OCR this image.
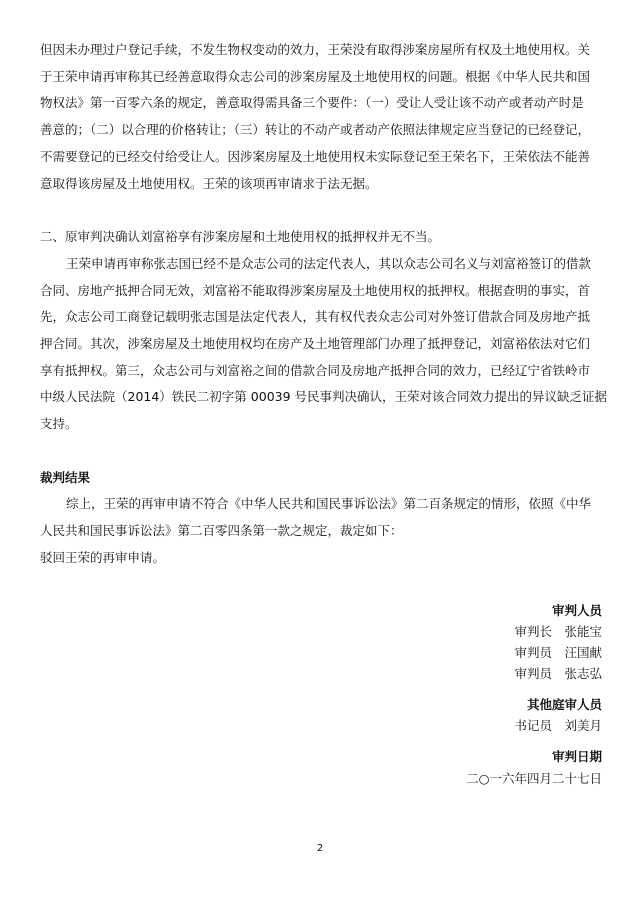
但因未办理过户登记手续，不发生物权变动的效力，王荣没有取得涉案房屋所有权及土地使用权。关
于王荣申请再审称其已经善意取得众志公司的涉案房屋及土地使用权的问题。根据《中华人民共和国
物权法》第一百零六条的规定，善意取得需具备三个要件：（一）受让人受让该不动产或者动产时是
善意的；（二）以合理的价格转让；（三）转让的不动产或者动产依照法律规定应当登记的已经登记，
不需要登记的已经交付给受让人。因涉案房屋及土地使用权未实际登记至王荣名下，王荣依法不能善
意取得该房屋及土地使用权。王荣的该项再审请求于法无据。
二、原审判决确认刘富裕享有涉案房屋和土地使用权的抵押权并无不当。
王荣申请再审称张志国已经不是众志公司的法定代表人，其以众志公司名义与刘富裕签订的借款
合同、房地产抵押合同无效，刘富裕不能取得涉案房屋及土地使用权的抵押权。根据查明的事实，首
先，众志公司工商登记载明张志国是法定代表人，其有权代表众志公司对外签订借款合同及房地产抵
押合同。其次，涉案房屋及土地使用权均在房产及土地管理部门办理了抵押登记，刘富裕依法对它们
享有抵押权。第三，众志公司与刘富裕之间的借款合同及房地产抵押合同的效力，已经辽宁省铁岭市
中级人民法院（2014）铁民二初字第 00039 号民事判决确认，王荣对该合同效力提出的异议缺乏证据
支持。
裁判结果
综上，王荣的再审申请不符合《中华人民共和国民事诉讼法》第二百条规定的情形，依照《中华
人民共和国民事诉讼法》第二百零四条第一款之规定，裁定如下：
驳回王荣的再审申请。
审判人员
审判长　张能宝
审判员　汪国献
审判员　张志弘
其他庭审人员
书记员　刘美月
审判日期
二○一六年四月二十七日
2
